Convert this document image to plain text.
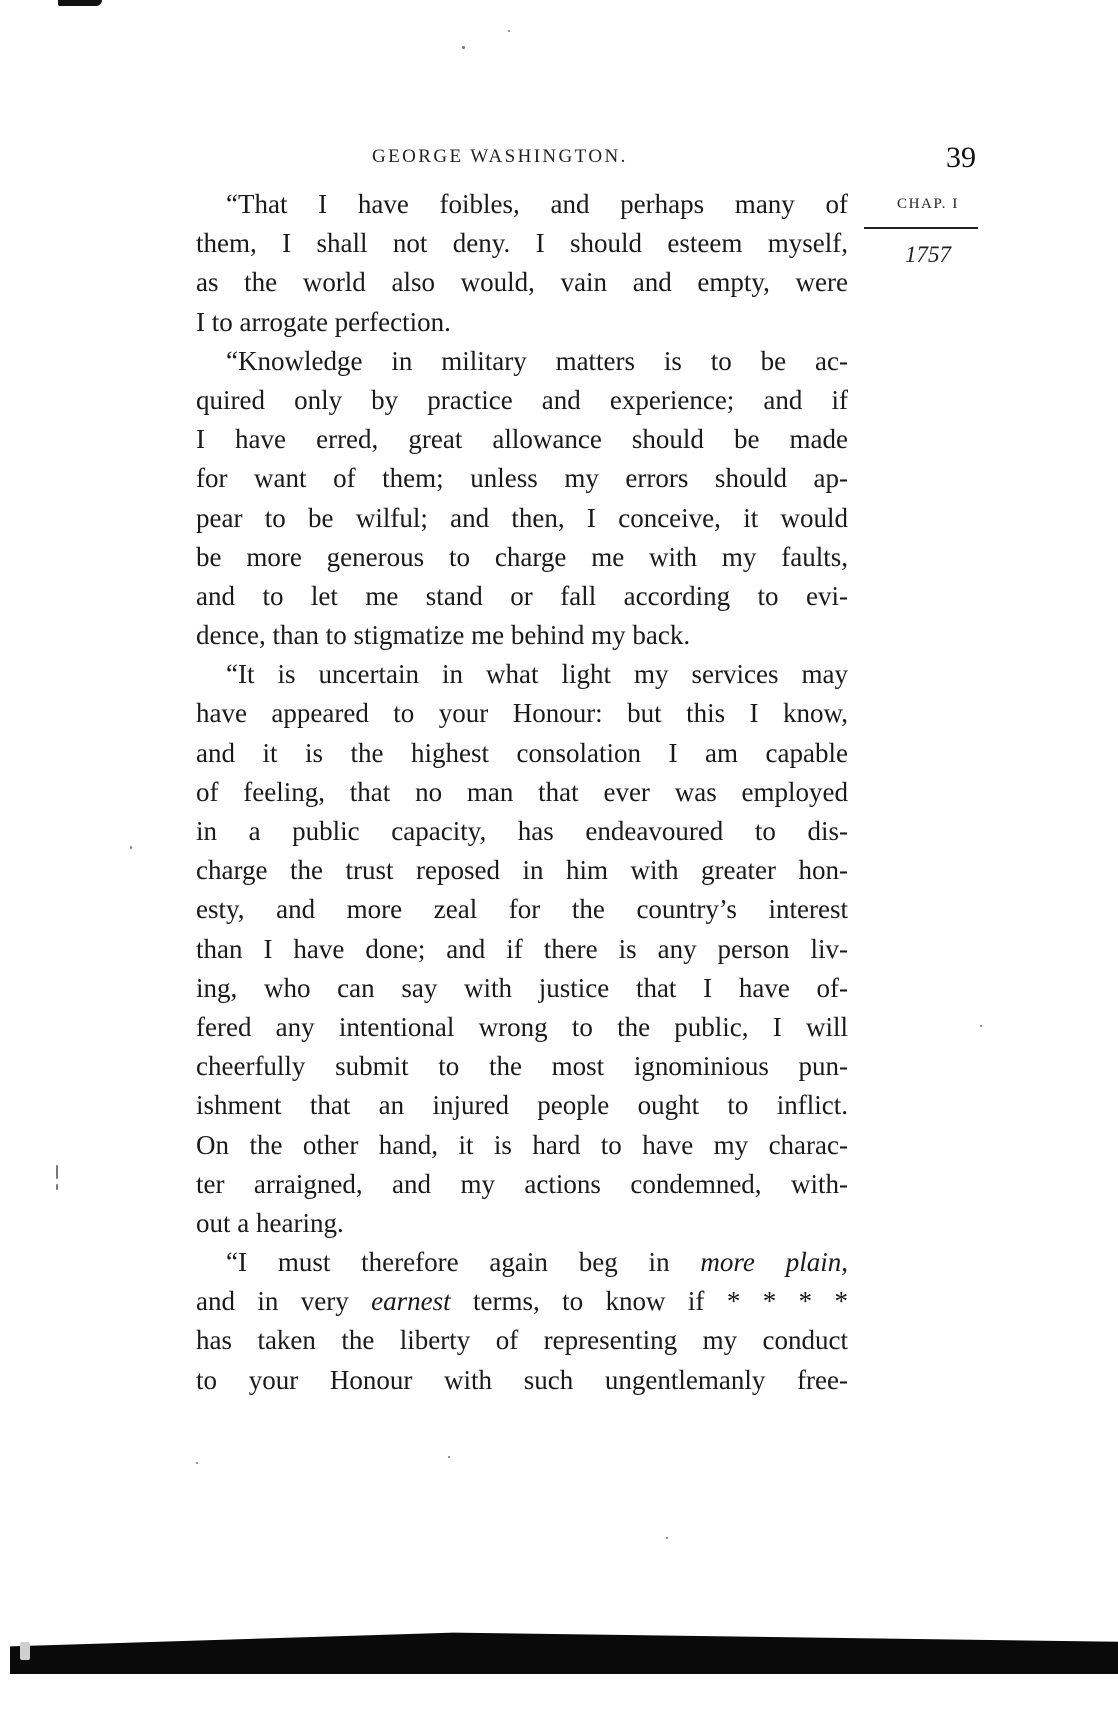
GEORGE WASHINGTON.	39
CHAP. I
1757
“That I have foibles, and perhaps many of
them, I shall not deny. I should esteem myself,
as the world also would, vain and empty, were
I to arrogate perfection.
“Knowledge in military matters is to be ac-
quired only by practice and experience; and if
I have erred, great allowance should be made
for want of them; unless my errors should ap-
pear to be wilful; and then, I conceive, it would
be more generous to charge me with my faults,
and to let me stand or fall according to evi-
dence, than to stigmatize me behind my back.
“It is uncertain in what light my services may
have appeared to your Honour: but this I know,
and it is the highest consolation I am capable
of feeling, that no man that ever was employed
in a public capacity, has endeavoured to dis-
charge the trust reposed in him with greater hon-
esty, and more zeal for the country’s interest
than I have done; and if there is any person liv-
ing, who can say with justice that I have of-
fered any intentional wrong to the public, I will
cheerfully submit to the most ignominious pun-
ishment that an injured people ought to inflict.
On the other hand, it is hard to have my charac-
ter arraigned, and my actions condemned, with-
out a hearing.
“I must therefore again beg in more plain,
and in very earnest terms, to know if * * * *
has taken the liberty of representing my conduct
to your Honour with such ungentlemanly free-
